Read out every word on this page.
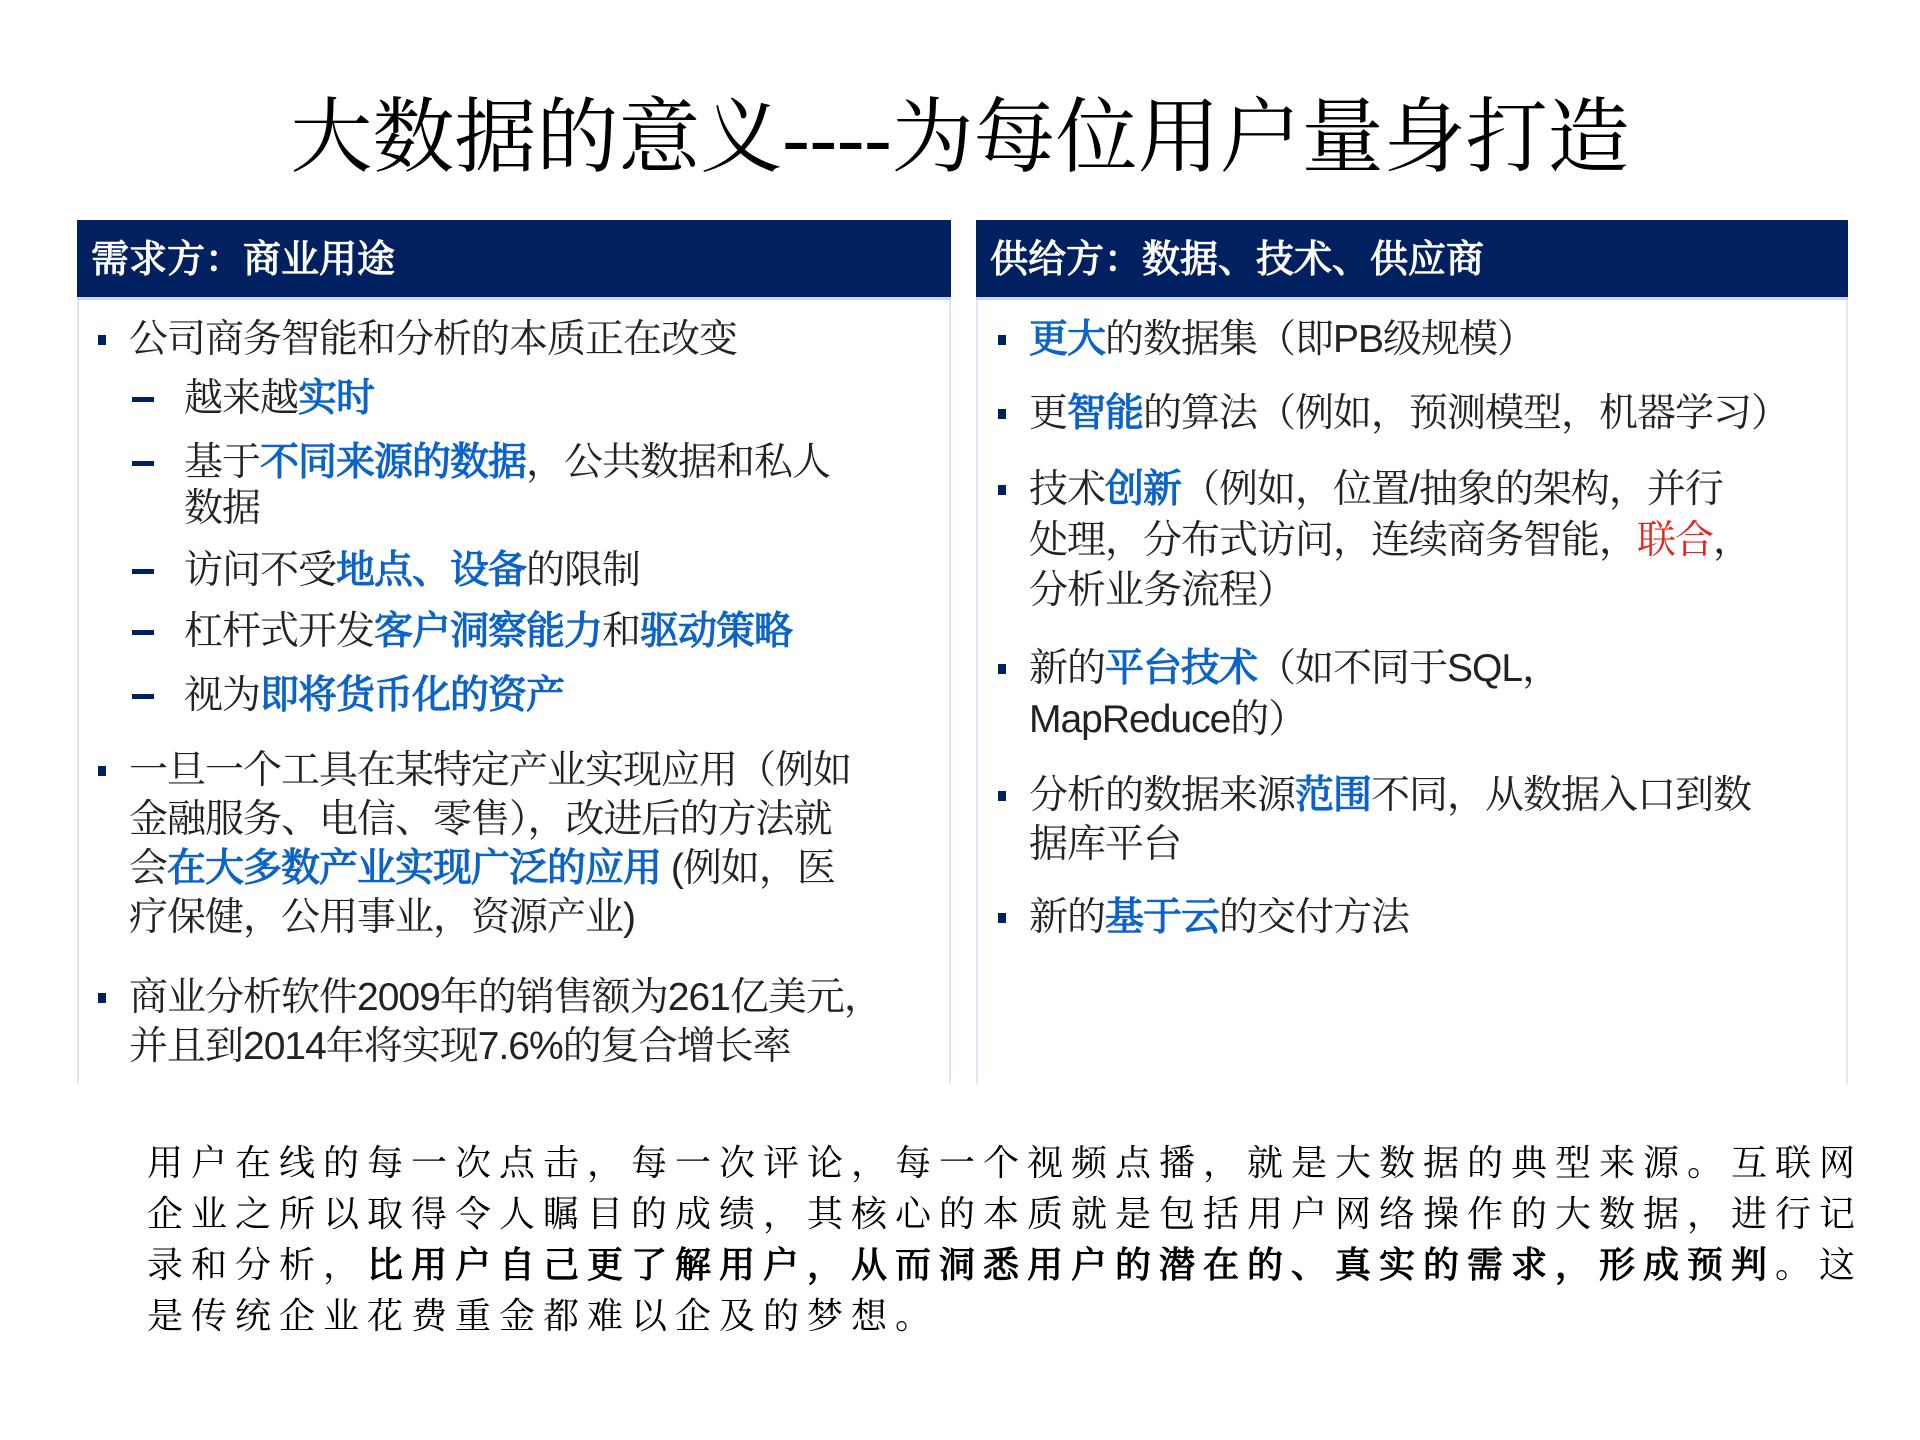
大数据的意义----为每位用户量身打造
需求方：商业用途	供给方：数据、技术、供应商
公司商务智能和分析的本质正在改变
越来越实时
基于不同来源的数据，公共数据和私人
数据
访问不受地点、设备的限制
杠杆式开发客户洞察能力和驱动策略
视为即将货币化的资产
一旦一个工具在某特定产业实现应用（例如
金融服务、电信、零售），改进后的方法就
会在大多数产业实现广泛的应用 (例如，医
疗保健，公用事业，资源产业)
商业分析软件2009年的销售额为261亿美元，
并且到2014年将实现7.6%的复合增长率
更大的数据集（即PB级规模）
更智能的算法（例如，预测模型，机器学习）
技术创新（例如，位置/抽象的架构，并行
处理，分布式访问，连续商务智能，联合，
分析业务流程）
新的平台技术（如不同于SQL，
MapReduce的）
分析的数据来源范围不同，从数据入口到数
据库平台
新的基于云的交付方法
用户在线的每一次点击，每一次评论，每一个视频点播，就是大数据的典型来源。互联网
企业之所以取得令人瞩目的成绩，其核心的本质就是包括用户网络操作的大数据，进行记
录和分析，比用户自己更了解用户，从而洞悉用户的潜在的、真实的需求，形成预判。这
是传统企业花费重金都难以企及的梦想。
